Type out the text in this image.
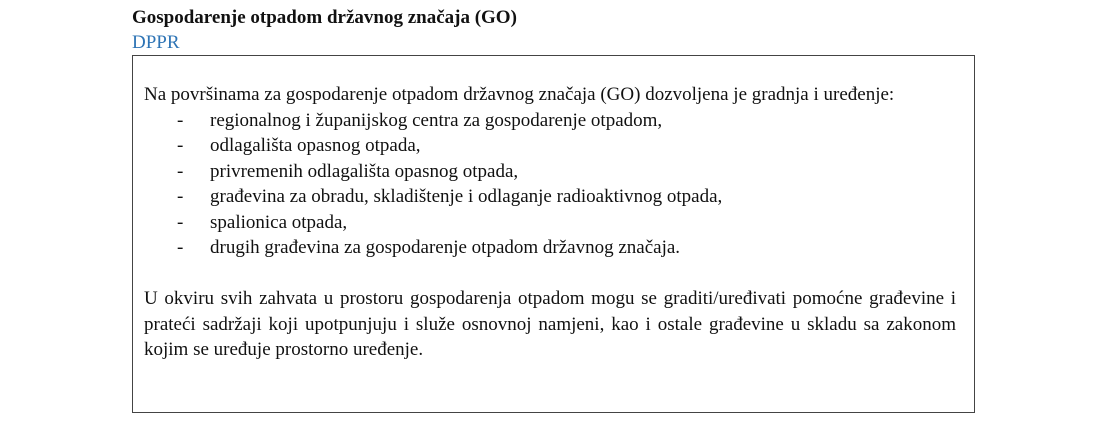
Gospodarenje otpadom državnog značaja (GO)
DPPR

Na površinama za gospodarenje otpadom državnog značaja (GO) dozvoljena je gradnja i uređenje:

- regionalnog i županijskog centra za gospodarenje otpadom,
- odlagališta opasnog otpada,
- privremenih odlagališta opasnog otpada,
- građevina za obradu, skladištenje i odlaganje radioaktivnog otpada,
- spalionica otpada,
- drugih građevina za gospodarenje otpadom državnog značaja.

U okviru svih zahvata u prostoru gospodarenja otpadom mogu se graditi/uređivati pomoćne građevine i prateći sadržaji koji upotpunjuju i služe osnovnoj namjeni, kao i ostale građevine u skladu sa zakonom kojim se uređuje prostorno uređenje.
